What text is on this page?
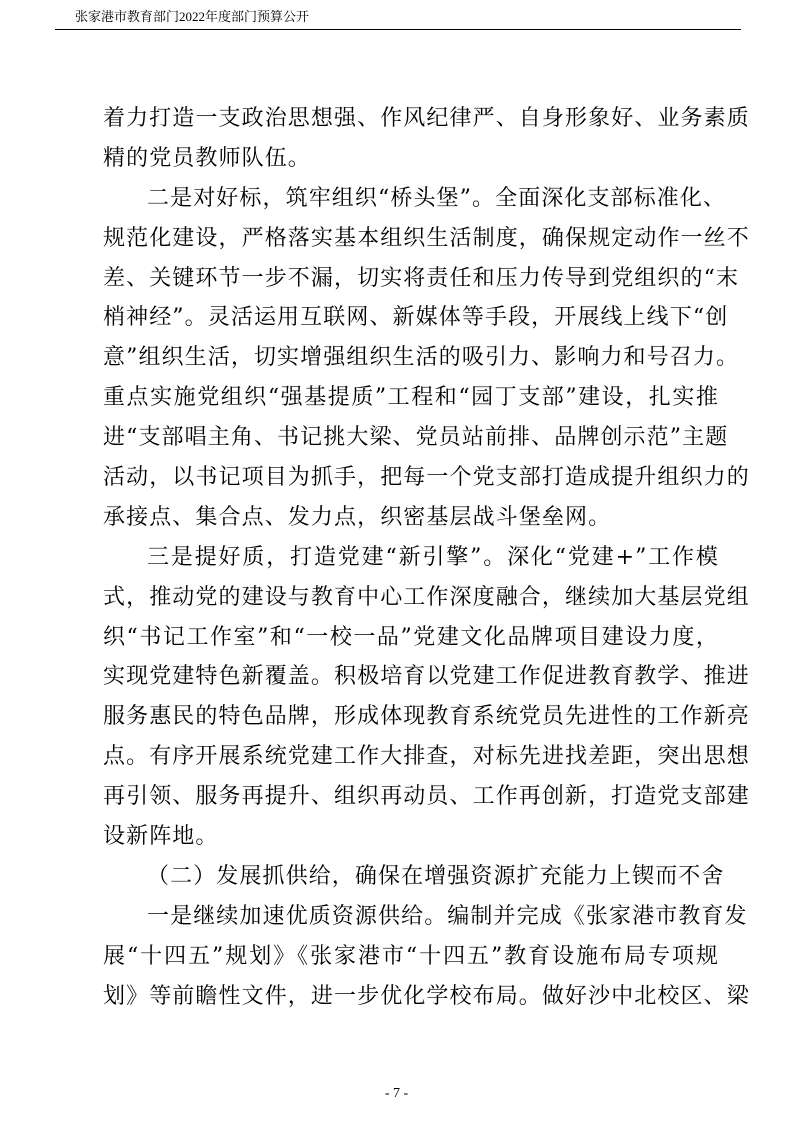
张家港市教育部门2022年度部门预算公开
着力打造一支政治思想强、作风纪律严、自身形象好、业务素质
精的党员教师队伍。
二是对好标，筑牢组织“桥头堡”。全面深化支部标准化、
规范化建设，严格落实基本组织生活制度，确保规定动作一丝不
差、关键环节一步不漏，切实将责任和压力传导到党组织的“末
梢神经”。灵活运用互联网、新媒体等手段，开展线上线下“创
意”组织生活，切实增强组织生活的吸引力、影响力和号召力。
重点实施党组织“强基提质”工程和“园丁支部”建设，扎实推
进“支部唱主角、书记挑大梁、党员站前排、品牌创示范”主题
活动，以书记项目为抓手，把每一个党支部打造成提升组织力的
承接点、集合点、发力点，织密基层战斗堡垒网。
三是提好质，打造党建“新引擎”。深化“党建+”工作模
式，推动党的建设与教育中心工作深度融合，继续加大基层党组
织“书记工作室”和“一校一品”党建文化品牌项目建设力度，
实现党建特色新覆盖。积极培育以党建工作促进教育教学、推进
服务惠民的特色品牌，形成体现教育系统党员先进性的工作新亮
点。有序开展系统党建工作大排查，对标先进找差距，突出思想
再引领、服务再提升、组织再动员、工作再创新，打造党支部建
设新阵地。
（二）发展抓供给，确保在增强资源扩充能力上锲而不舍
一是继续加速优质资源供给。编制并完成《张家港市教育发
展“十四五”规划》《张家港市“十四五”教育设施布局专项规
划》等前瞻性文件，进一步优化学校布局。做好沙中北校区、梁
- 7 -
